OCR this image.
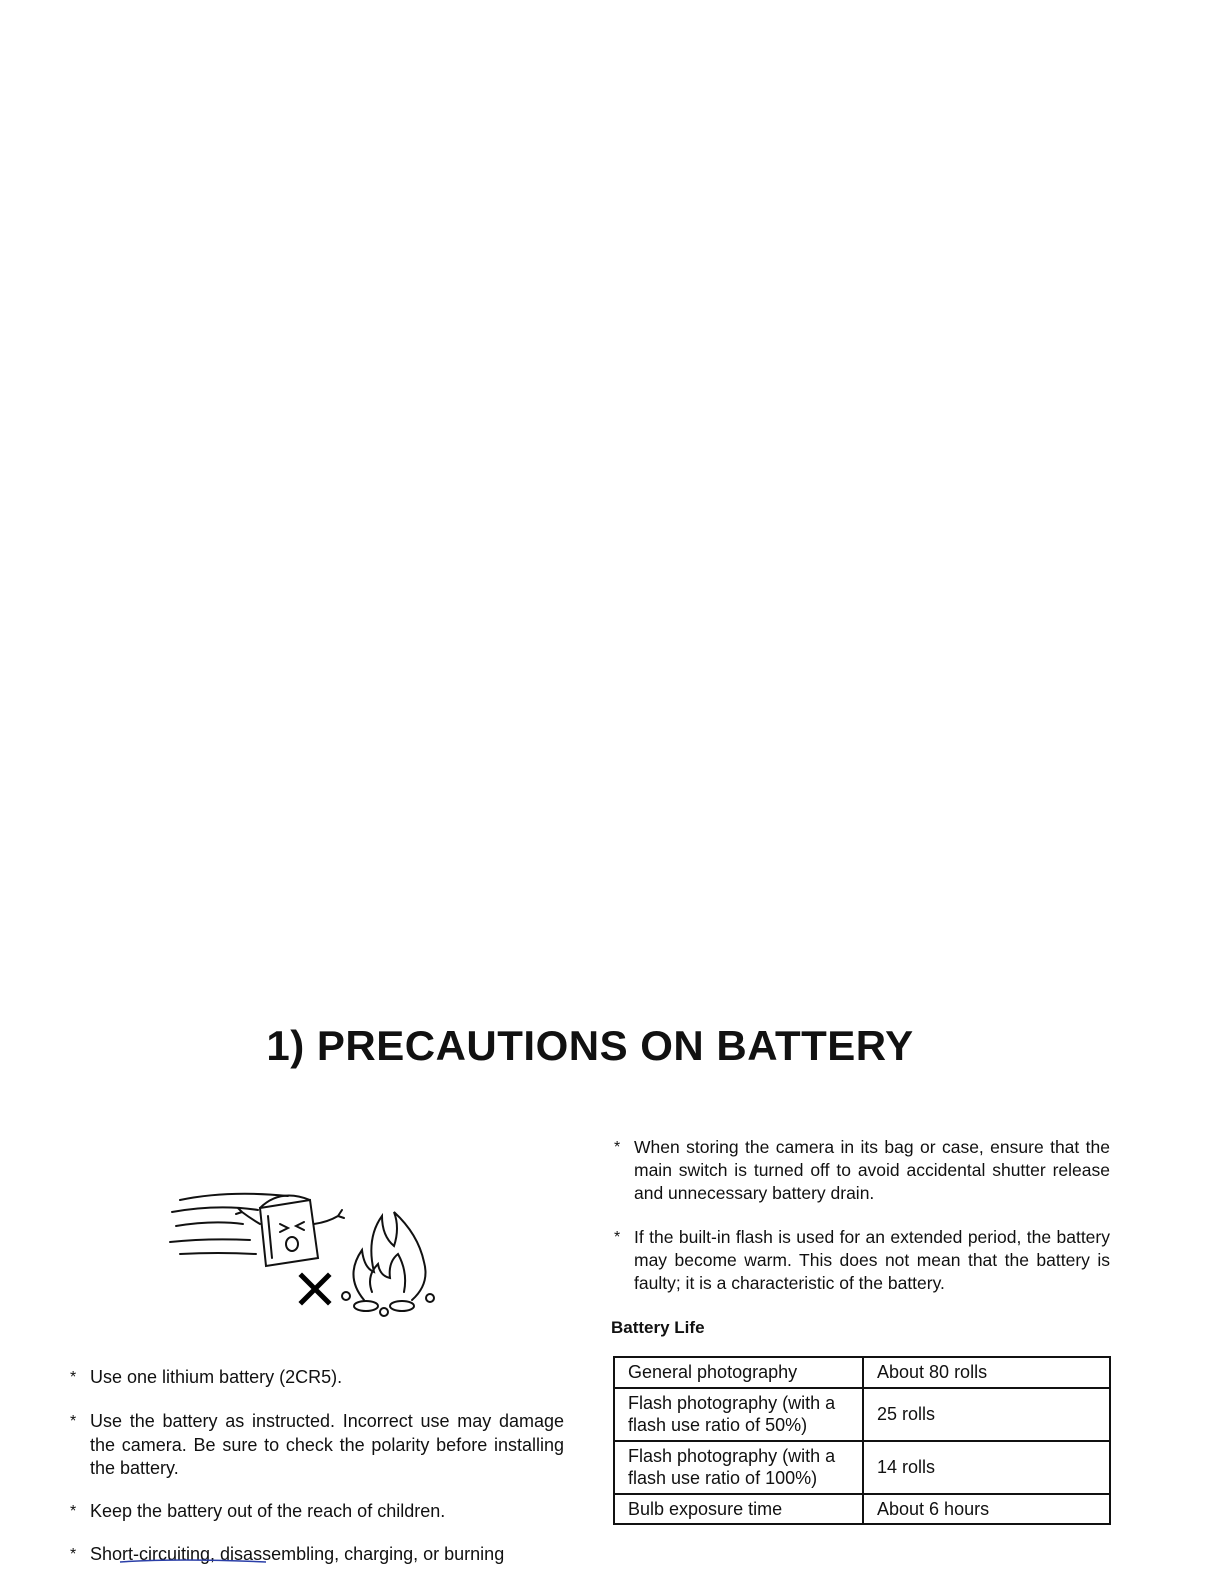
1) PRECAUTIONS ON BATTERY
* Use one lithium battery (2CR5).
* Use the battery as instructed. Incorrect use may damage the camera. Be sure to check the polarity before installing the battery.
* Keep the battery out of the reach of children.
* Short-circuiting, disassembling, charging, or burning
* When storing the camera in its bag or case, ensure that the main switch is turned off to avoid accidental shutter release and unnecessary battery drain.
* If the built-in flash is used for an extended period, the battery may become warm. This does not mean that the battery is faulty; it is a characteristic of the battery.
Battery Life
General photography	About 80 rolls
Flash photography (with a flash use ratio of 50%)	25 rolls
Flash photography (with a flash use ratio of 100%)	14 rolls
Bulb exposure time	About 6 hours
